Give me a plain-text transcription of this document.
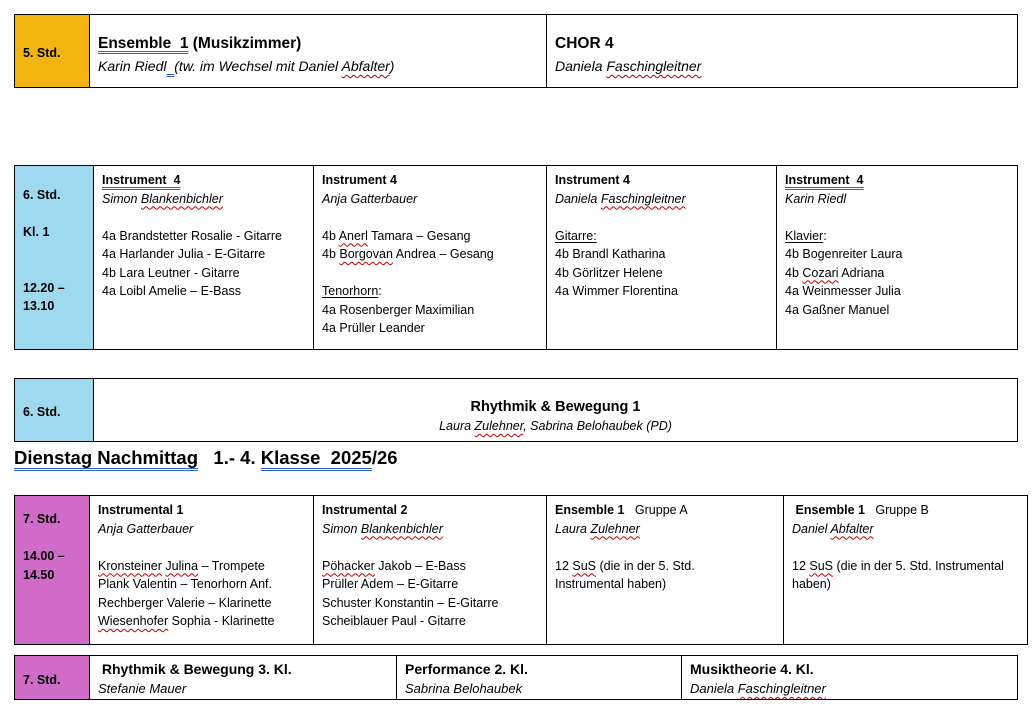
5. Std.
Ensemble  1 (Musikzimmer)
Karin Riedl (tw. im Wechsel mit Daniel Abfalter)
CHOR 4
Daniela Faschingleitner
6. Std.
Kl. 1
12.20 –
13.10
Instrument  4
Simon Blankenbichler
4a Brandstetter Rosalie - Gitarre
4a Harlander Julia - E-Gitarre
4b Lara Leutner - Gitarre
4a Loibl Amelie – E-Bass
Instrument 4
Anja Gatterbauer
4b Anerl Tamara – Gesang
4b Borgovan Andrea – Gesang
Tenorhorn:
4a Rosenberger Maximilian
4a Prüller Leander
Instrument 4
Daniela Faschingleitner
Gitarre:
4b Brandl Katharina
4b Görlitzer Helene
4a Wimmer Florentina
Instrument  4
Karin Riedl
Klavier:
4b Bogenreiter Laura
4b Cozari Adriana
4a Weinmesser Julia
4a Gaßner Manuel
6. Std.	Rhythmik & Bewegung 1
Laura Zulehner, Sabrina Belohaubek (PD)
Dienstag Nachmittag   1.- 4. Klasse  2025/26
7. Std.
14.00 –
14.50
Instrumental 1
Anja Gatterbauer
Kronsteiner Julina – Trompete
Plank Valentin – Tenorhorn Anf.
Rechberger Valerie – Klarinette
Wiesenhofer Sophia - Klarinette
Instrumental 2
Simon Blankenbichler
Pöhacker Jakob – E-Bass
Prüller Adem – E-Gitarre
Schuster Konstantin – E-Gitarre
Scheiblauer Paul - Gitarre
Ensemble 1   Gruppe A
Laura Zulehner
12 SuS (die in der 5. Std.
Instrumental haben)
Ensemble 1   Gruppe B
Daniel Abfalter
12 SuS (die in der 5. Std. Instrumental
haben)
7. Std.
Rhythmik & Bewegung 3. Kl.
Stefanie Mauer
Performance 2. Kl.
Sabrina Belohaubek
Musiktheorie 4. Kl.
Daniela Faschingleitner
